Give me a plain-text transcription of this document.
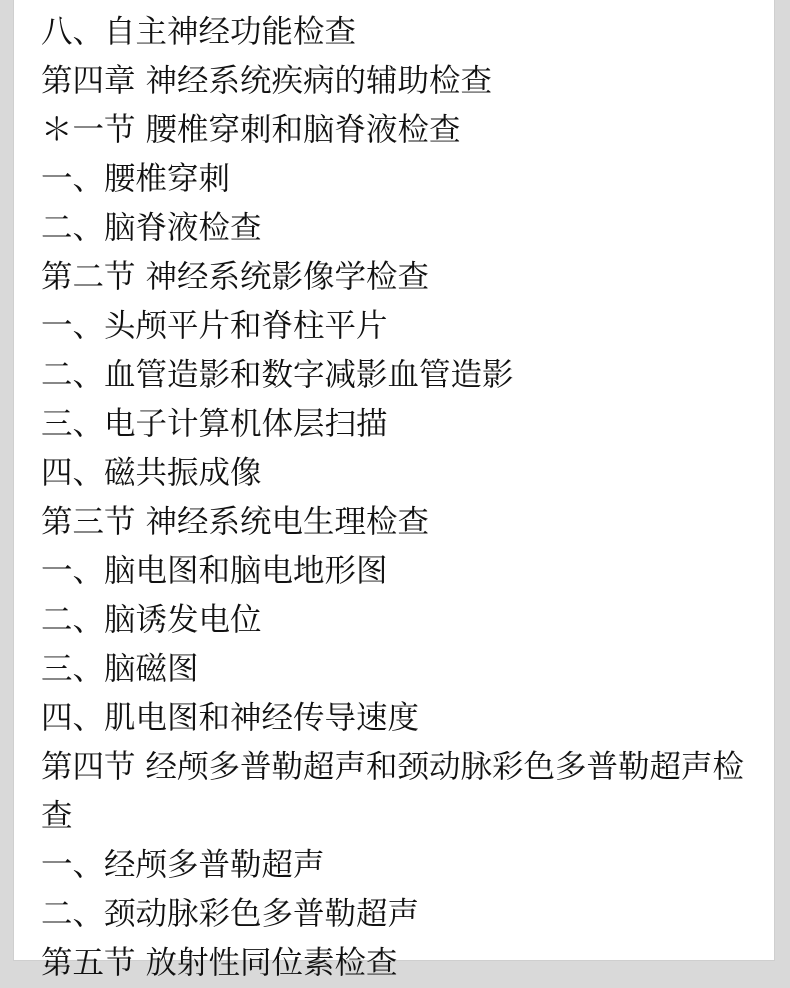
八、自主神经功能检查
第四章 神经系统疾病的辅助检查
＊一节 腰椎穿刺和脑脊液检查
一、腰椎穿刺
二、脑脊液检查
第二节 神经系统影像学检查
一、头颅平片和脊柱平片
二、血管造影和数字减影血管造影
三、电子计算机体层扫描
四、磁共振成像
第三节 神经系统电生理检查
一、脑电图和脑电地形图
二、脑诱发电位
三、脑磁图
四、肌电图和神经传导速度
第四节 经颅多普勒超声和颈动脉彩色多普勒超声检查
一、经颅多普勒超声
二、颈动脉彩色多普勒超声
第五节 放射性同位素检查
